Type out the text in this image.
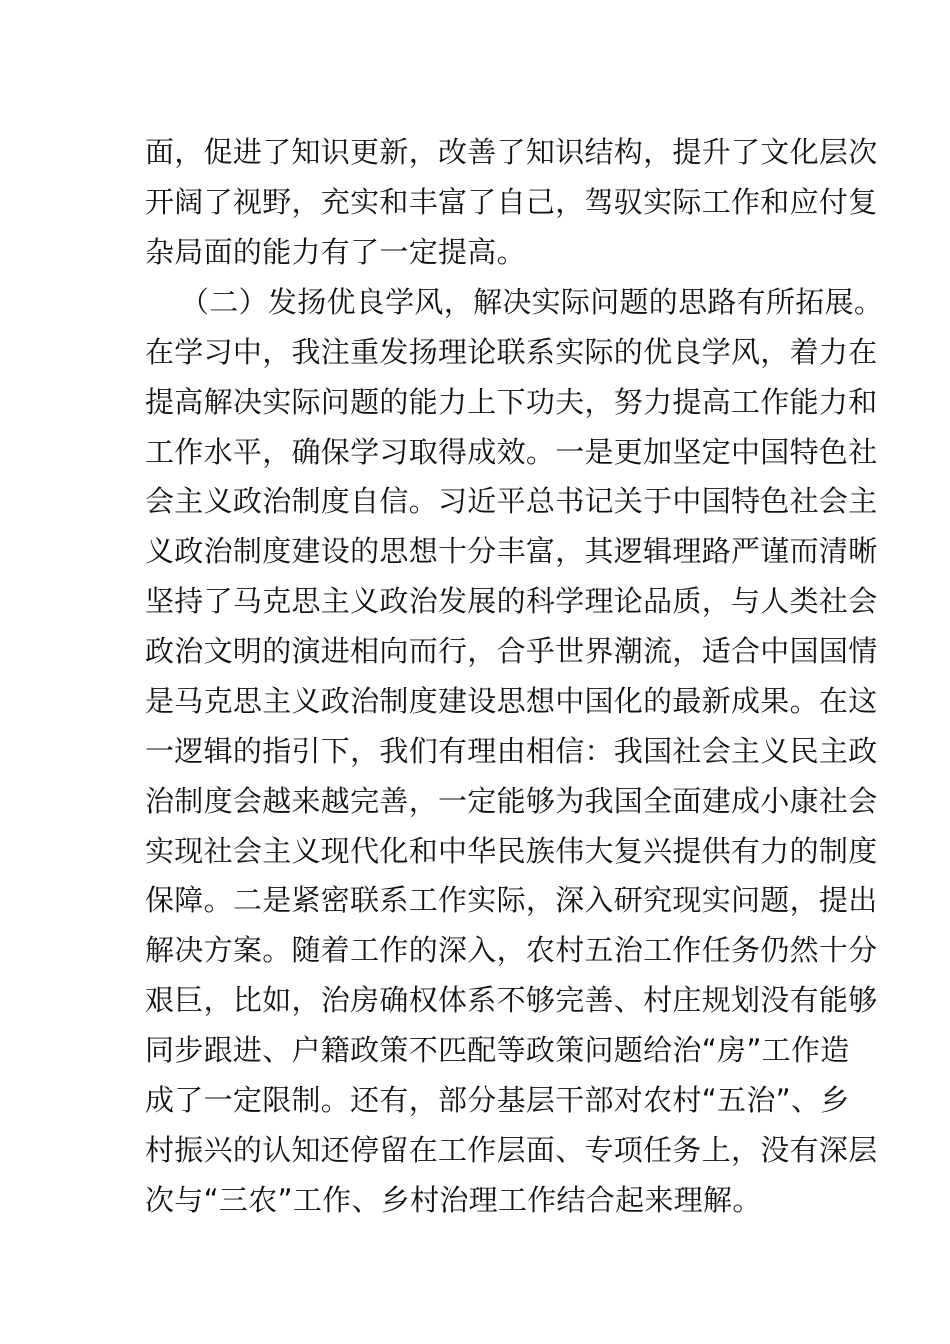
面，促进了知识更新，改善了知识结构，提升了文化层次
开阔了视野，充实和丰富了自己，驾驭实际工作和应付复
杂局面的能力有了一定提高。
（二）发扬优良学风，解决实际问题的思路有所拓展。
在学习中，我注重发扬理论联系实际的优良学风，着力在
提高解决实际问题的能力上下功夫，努力提高工作能力和
工作水平，确保学习取得成效。一是更加坚定中国特色社
会主义政治制度自信。习近平总书记关于中国特色社会主
义政治制度建设的思想十分丰富，其逻辑理路严谨而清晰
坚持了马克思主义政治发展的科学理论品质，与人类社会
政治文明的演进相向而行，合乎世界潮流，适合中国国情
是马克思主义政治制度建设思想中国化的最新成果。在这
一逻辑的指引下，我们有理由相信：我国社会主义民主政
治制度会越来越完善，一定能够为我国全面建成小康社会
实现社会主义现代化和中华民族伟大复兴提供有力的制度
保障。二是紧密联系工作实际，深入研究现实问题，提出
解决方案。随着工作的深入，农村五治工作任务仍然十分
艰巨，比如，治房确权体系不够完善、村庄规划没有能够
同步跟进、户籍政策不匹配等政策问题给治“房”工作造
成了一定限制。还有，部分基层干部对农村“五治”、乡
村振兴的认知还停留在工作层面、专项任务上，没有深层
次与“三农”工作、乡村治理工作结合起来理解。
